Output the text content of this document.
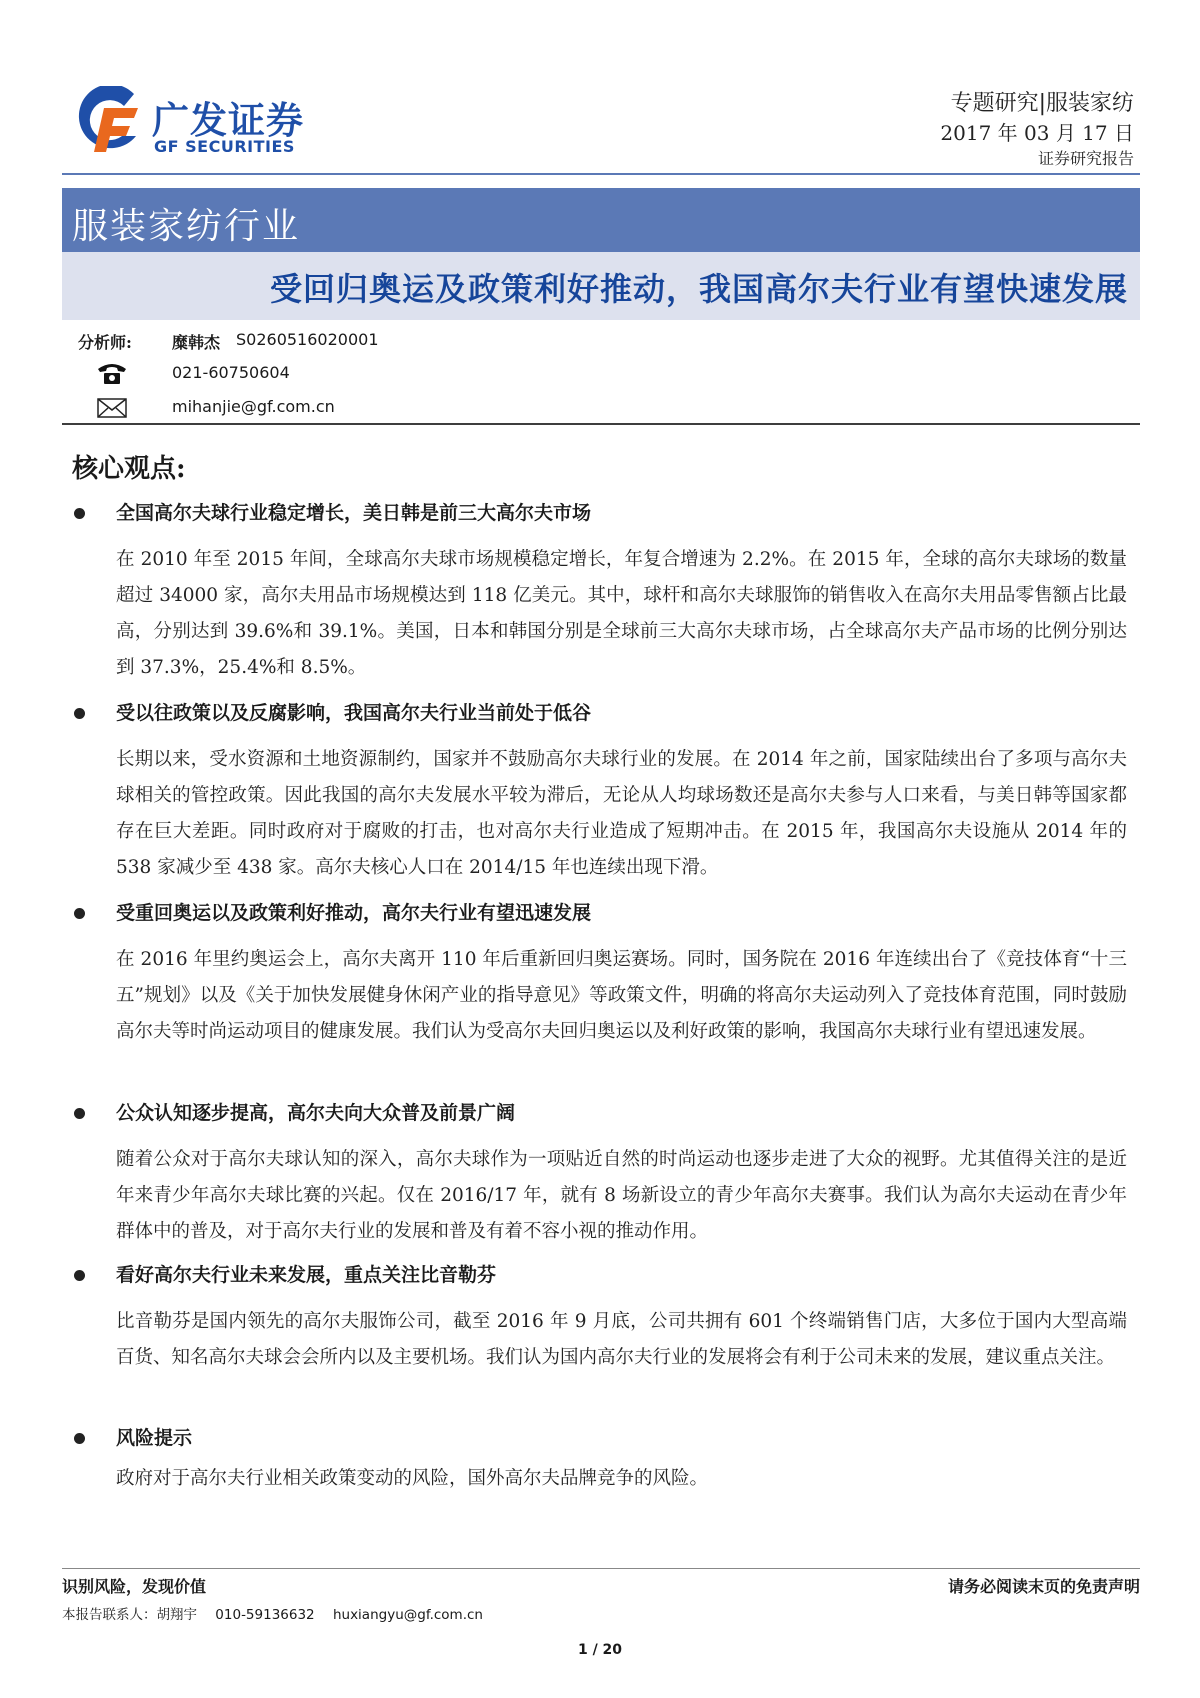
广发证券
GF SECURITIES
专题研究|服装家纺
2017 年 03 月 17 日
证券研究报告
服装家纺行业
受回归奥运及政策利好推动，我国高尔夫行业有望快速发展
分析师:	糜韩杰 S0260516020001
021-60750604
mihanjie@gf.com.cn
核心观点:
全国高尔夫球行业稳定增长，美日韩是前三大高尔夫市场
在 2010 年至 2015 年间，全球高尔夫球市场规模稳定增长，年复合增速为 2.2%。在 2015 年，全球的高尔夫球场的数量超过 34000 家，高尔夫用品市场规模达到 118 亿美元。其中，球杆和高尔夫球服饰的销售收入在高尔夫用品零售额占比最高，分别达到 39.6%和 39.1%。美国，日本和韩国分别是全球前三大高尔夫球市场，占全球高尔夫产品市场的比例分别达到 37.3%，25.4%和 8.5%。
受以往政策以及反腐影响，我国高尔夫行业当前处于低谷
长期以来，受水资源和土地资源制约，国家并不鼓励高尔夫球行业的发展。在 2014 年之前，国家陆续出台了多项与高尔夫球相关的管控政策。因此我国的高尔夫发展水平较为滞后，无论从人均球场数还是高尔夫参与人口来看，与美日韩等国家都存在巨大差距。同时政府对于腐败的打击，也对高尔夫行业造成了短期冲击。在 2015 年，我国高尔夫设施从 2014 年的 538 家减少至 438 家。高尔夫核心人口在 2014/15 年也连续出现下滑。
受重回奥运以及政策利好推动，高尔夫行业有望迅速发展
在 2016 年里约奥运会上，高尔夫离开 110 年后重新回归奥运赛场。同时，国务院在 2016 年连续出台了《竞技体育“十三五”规划》以及《关于加快发展健身休闲产业的指导意见》等政策文件，明确的将高尔夫运动列入了竞技体育范围，同时鼓励高尔夫等时尚运动项目的健康发展。我们认为受高尔夫回归奥运以及利好政策的影响，我国高尔夫球行业有望迅速发展。
公众认知逐步提高，高尔夫向大众普及前景广阔
随着公众对于高尔夫球认知的深入，高尔夫球作为一项贴近自然的时尚运动也逐步走进了大众的视野。尤其值得关注的是近年来青少年高尔夫球比赛的兴起。仅在 2016/17 年，就有 8 场新设立的青少年高尔夫赛事。我们认为高尔夫运动在青少年群体中的普及，对于高尔夫行业的发展和普及有着不容小视的推动作用。
看好高尔夫行业未来发展，重点关注比音勒芬
比音勒芬是国内领先的高尔夫服饰公司，截至 2016 年 9 月底，公司共拥有 601 个终端销售门店，大多位于国内大型高端百货、知名高尔夫球会会所内以及主要机场。我们认为国内高尔夫行业的发展将会有利于公司未来的发展，建议重点关注。
风险提示
政府对于高尔夫行业相关政策变动的风险，国外高尔夫品牌竞争的风险。
识别风险，发现价值	请务必阅读末页的免责声明
本报告联系人：胡翔宇 010-59136632 huxiangyu@gf.com.cn
1 / 20
